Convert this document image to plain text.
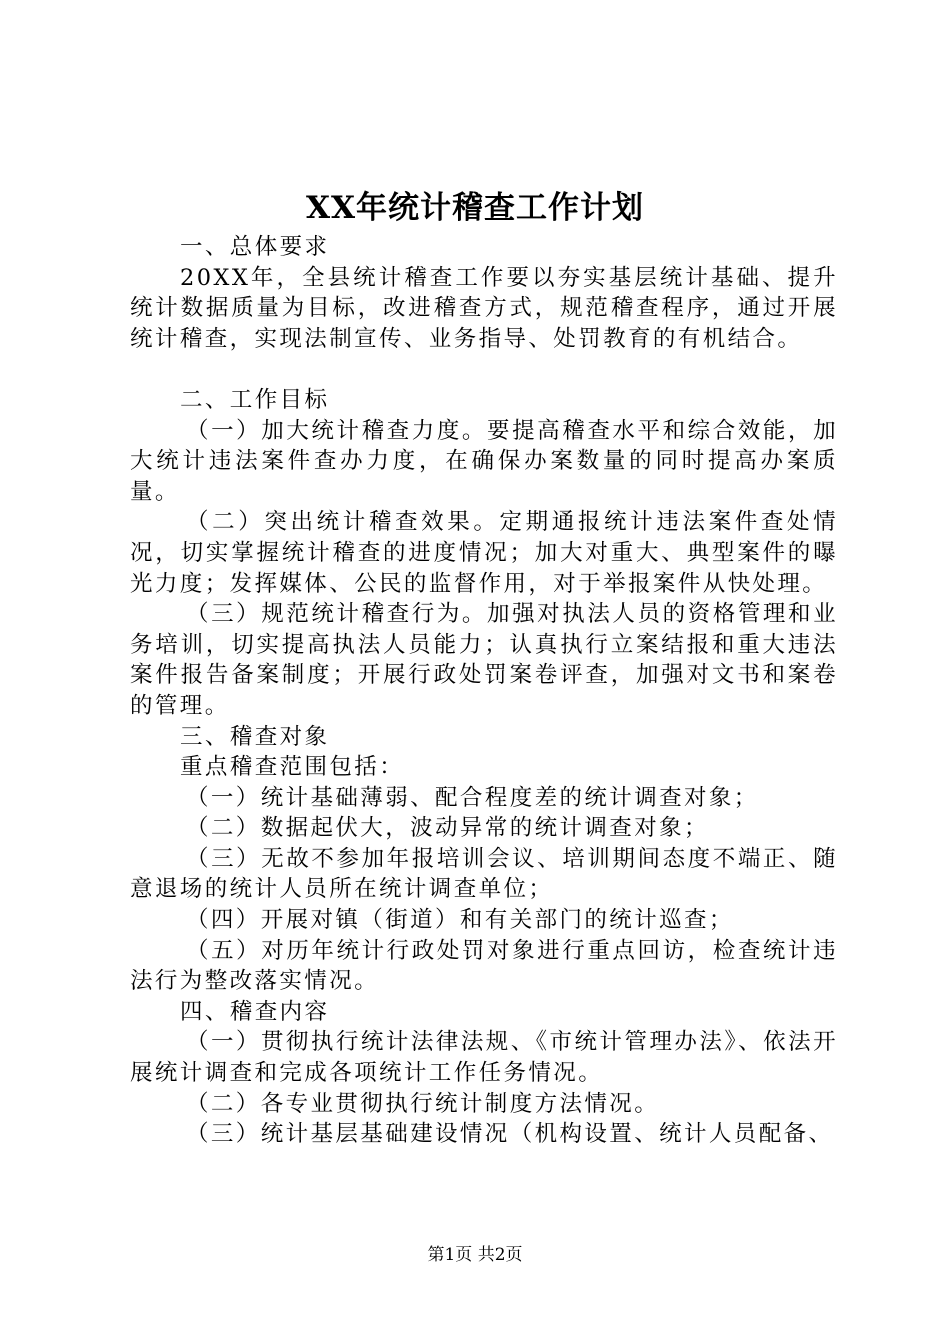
XX年统计稽查工作计划

一、总体要求

20XX年，全县统计稽查工作要以夯实基层统计基础、提升统计数据质量为目标，改进稽查方式，规范稽查程序，通过开展统计稽查，实现法制宣传、业务指导、处罚教育的有机结合。

二、工作目标

（一）加大统计稽查力度。要提高稽查水平和综合效能，加大统计违法案件查办力度，在确保办案数量的同时提高办案质量。

（二）突出统计稽查效果。定期通报统计违法案件查处情况，切实掌握统计稽查的进度情况；加大对重大、典型案件的曝光力度；发挥媒体、公民的监督作用，对于举报案件从快处理。

（三）规范统计稽查行为。加强对执法人员的资格管理和业务培训，切实提高执法人员能力；认真执行立案结报和重大违法案件报告备案制度；开展行政处罚案卷评查，加强对文书和案卷的管理。

三、稽查对象

重点稽查范围包括：

（一）统计基础薄弱、配合程度差的统计调查对象；

（二）数据起伏大，波动异常的统计调查对象；

（三）无故不参加年报培训会议、培训期间态度不端正、随意退场的统计人员所在统计调查单位；

（四）开展对镇（街道）和有关部门的统计巡查；

（五）对历年统计行政处罚对象进行重点回访，检查统计违法行为整改落实情况。

四、稽查内容

（一）贯彻执行统计法律法规、《市统计管理办法》、依法开展统计调查和完成各项统计工作任务情况。

（二）各专业贯彻执行统计制度方法情况。

（三）统计基层基础建设情况（机构设置、统计人员配备、

第1页 共2页
